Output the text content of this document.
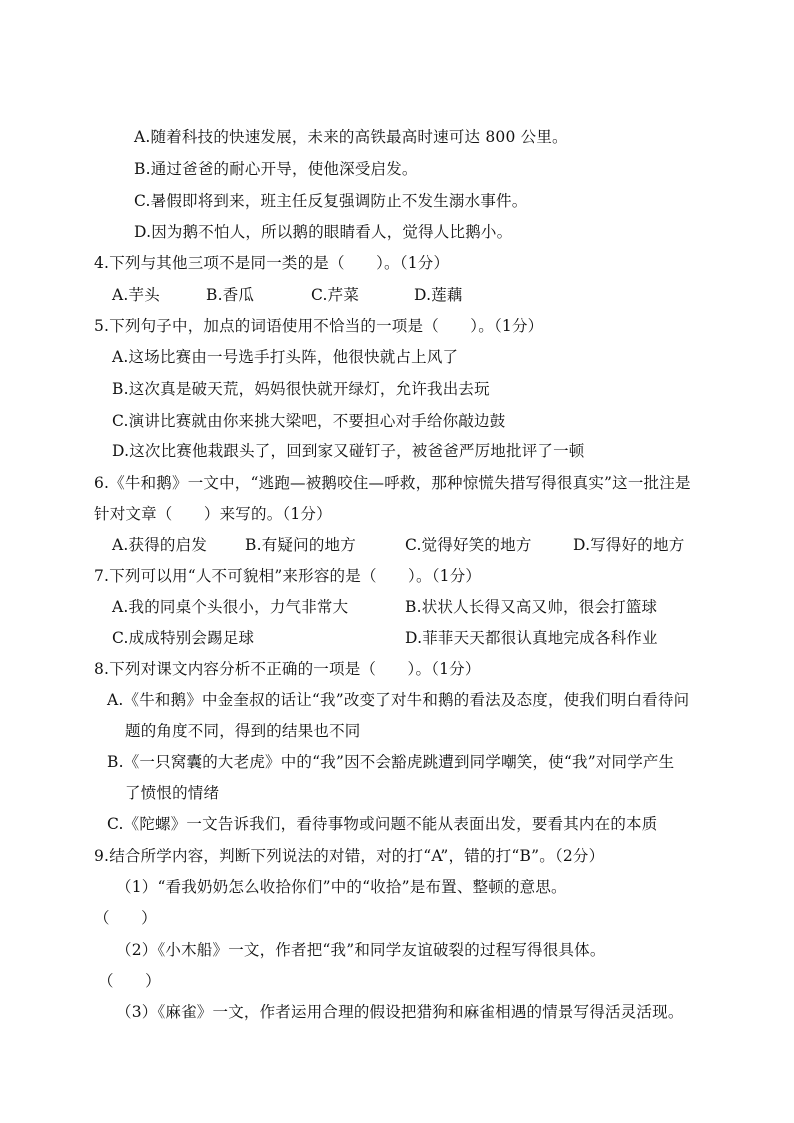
A.随着科技的快速发展，未来的高铁最高时速可达 800 公里。
B.通过爸爸的耐心开导，使他深受启发。
C.暑假即将到来，班主任反复强调防止不发生溺水事件。
D.因为鹅不怕人，所以鹅的眼睛看人，觉得人比鹅小。
4.下列与其他三项不是同一类的是（　　）。（1分）
A.芋头	B.香瓜	C.芹菜	D.莲藕
5.下列句子中，加点的词语使用不恰当的一项是（　　）。（1分）
A.这场比赛由一号选手打头阵，他很快就占上风了
B.这次真是破天荒，妈妈很快就开绿灯，允许我出去玩
C.演讲比赛就由你来挑大梁吧，不要担心对手给你敲边鼓
D.这次比赛他栽跟头了，回到家又碰钉子，被爸爸严厉地批评了一顿
6.《牛和鹅》一文中，“逃跑—被鹅咬住—呼救，那种惊慌失措写得很真实”这一批注是
针对文章（　　）来写的。（1分）
A.获得的启发 B.有疑问的地方	C.觉得好笑的地方	D.写得好的地方
7.下列可以用“人不可貌相”来形容的是（　　）。（1分）
A.我的同桌个头很小，力气非常大	B.状状人长得又高又帅，很会打篮球
C.成成特别会踢足球	D.菲菲天天都很认真地完成各科作业
8.下列对课文内容分析不正确的一项是（　　）。（1分）
A.《牛和鹅》中金奎叔的话让“我”改变了对牛和鹅的看法及态度，使我们明白看待问
题的角度不同，得到的结果也不同
B.《一只窝囊的大老虎》中的“我”因不会豁虎跳遭到同学嘲笑，使“我”对同学产生
了愤恨的情绪
C.《陀螺》一文告诉我们，看待事物或问题不能从表面出发，要看其内在的本质
9.结合所学内容，判断下列说法的对错，对的打“A”，错的打“B”。（2分）
（1）“看我奶奶怎么收拾你们”中的“收拾”是布置、整顿的意思。
（　　）
（2）《小木船》一文，作者把“我”和同学友谊破裂的过程写得很具体。
（　　）
（3）《麻雀》一文，作者运用合理的假设把猎狗和麻雀相遇的情景写得活灵活现。
